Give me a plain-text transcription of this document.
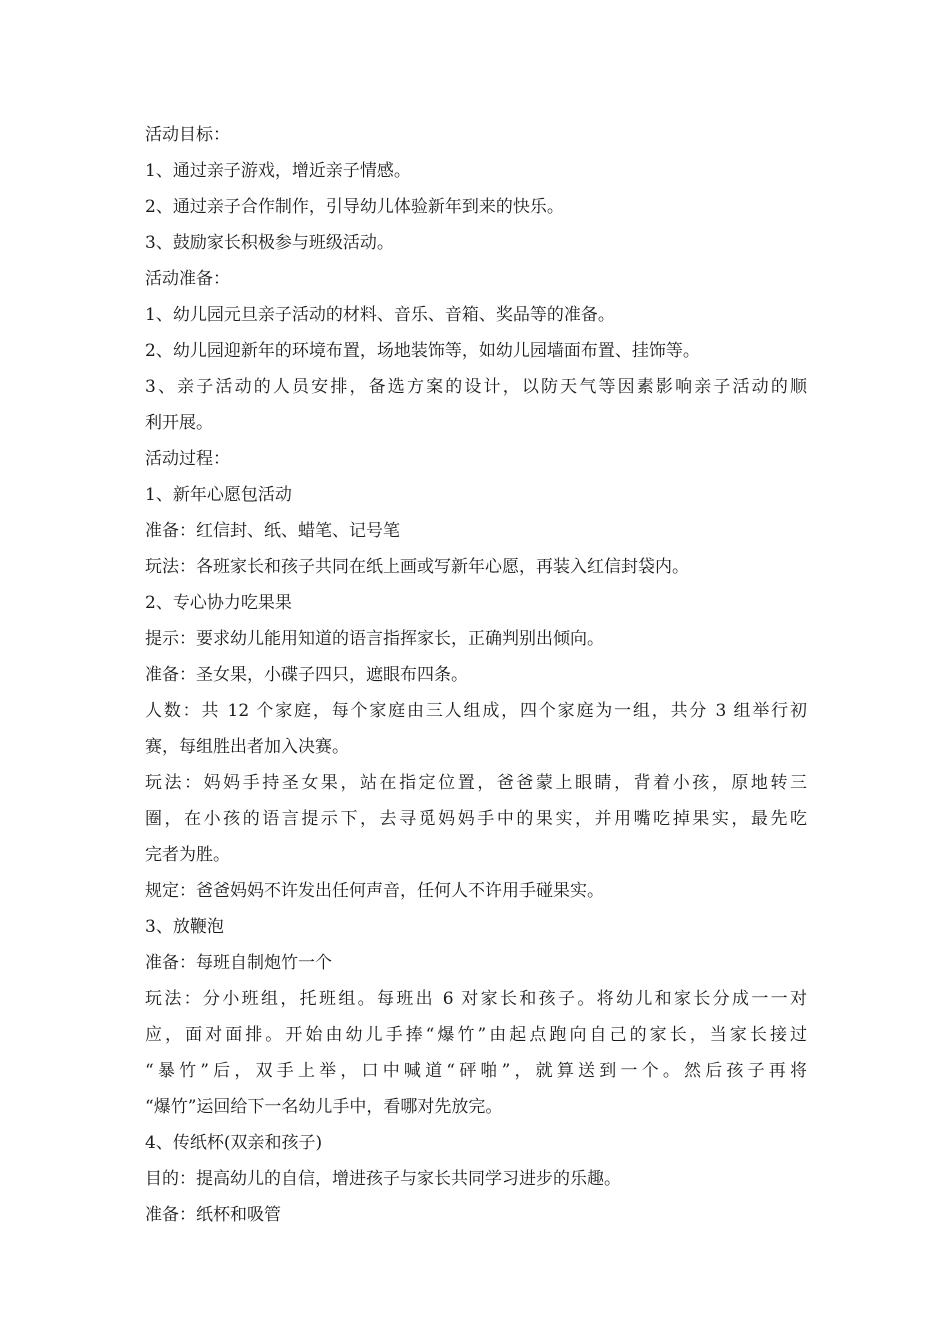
活动目标：
1、通过亲子游戏，增近亲子情感。
2、通过亲子合作制作，引导幼儿体验新年到来的快乐。
3、鼓励家长积极参与班级活动。
活动准备：
1、幼儿园元旦亲子活动的材料、音乐、音箱、奖品等的准备。
2、幼儿园迎新年的环境布置，场地装饰等，如幼儿园墙面布置、挂饰等。
3、亲子活动的人员安排，备选方案的设计，以防天气等因素影响亲子活动的顺
利开展。
活动过程：
1、新年心愿包活动
准备：红信封、纸、蜡笔、记号笔
玩法：各班家长和孩子共同在纸上画或写新年心愿，再装入红信封袋内。
2、专心协力吃果果
提示：要求幼儿能用知道的语言指挥家长，正确判别出倾向。
准备：圣女果，小碟子四只，遮眼布四条。
人数：共 12 个家庭，每个家庭由三人组成，四个家庭为一组，共分 3 组举行初
赛，每组胜出者加入决赛。
玩法：妈妈手持圣女果，站在指定位置，爸爸蒙上眼睛，背着小孩，原地转三
圈，在小孩的语言提示下，去寻觅妈妈手中的果实，并用嘴吃掉果实，最先吃
完者为胜。
规定：爸爸妈妈不许发出任何声音，任何人不许用手碰果实。
3、放鞭泡
准备：每班自制炮竹一个
玩法：分小班组，托班组。每班出 6 对家长和孩子。将幼儿和家长分成一一对
应，面对面排。开始由幼儿手捧“爆竹”由起点跑向自己的家长，当家长接过
“暴竹”后，双手上举，口中喊道“砰啪”，就算送到一个。然后孩子再将
“爆竹”运回给下一名幼儿手中，看哪对先放完。
4、传纸杯(双亲和孩子)
目的：提高幼儿的自信，增进孩子与家长共同学习进步的乐趣。
准备：纸杯和吸管
